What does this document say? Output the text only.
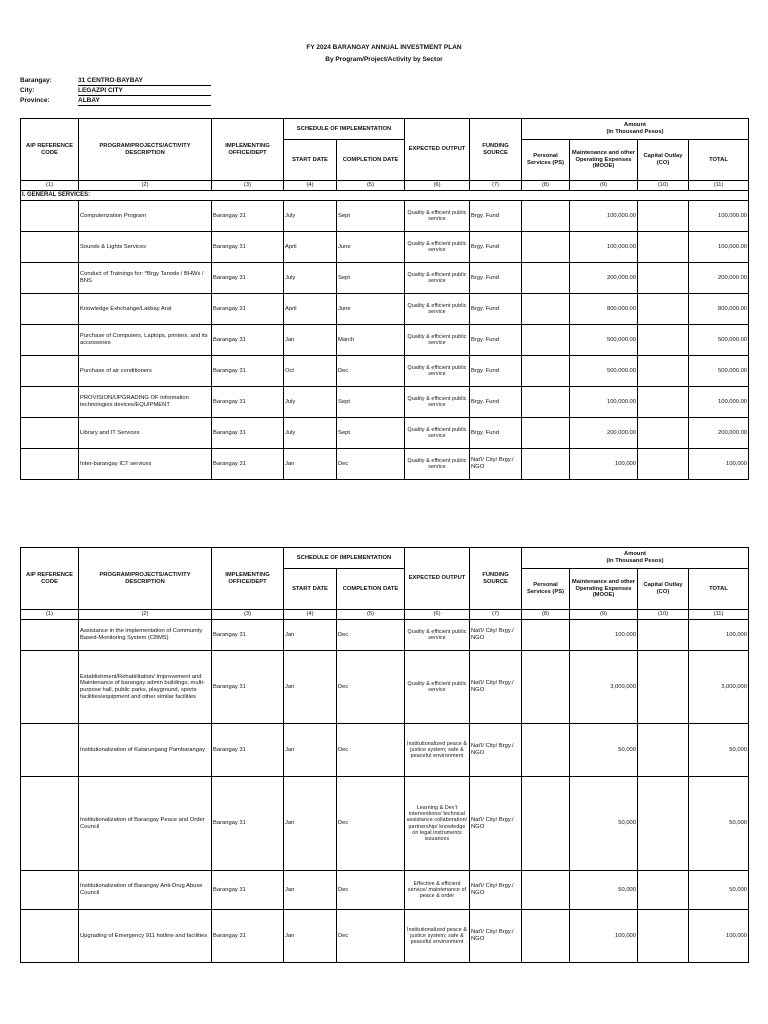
FY 2024 BARANGAY ANNUAL INVESTMENT PLAN
By Program/Project/Activity by Sector
Barangay:	31 CENTRO-BAYBAY
City:	LEGAZPI CITY
Province:	ALBAY
AIP REFERENCE CODE	PROGRAM/PROJECTS/ACTIVITY DESCRIPTION	IMPLEMENTING OFFICE/DEPT	SCHEDULE OF IMPLEMENTATION		EXPECTED OUTPUT	FUNDING SOURCE	Amount
(In Thousand Pesos)			

			START DATE	COMPLETION DATE			Personal Services (PS)	Maintenance and other Operating Expenses (MOOE)	Capital Outlay (CO)	TOTAL
(1)	(2)	(3)	(4)	(5)	(6)	(7)	(8)	(9)	(10)	(11)
I. GENERAL SERVICES:										
	Computerization Program	Barangay 31	July	Sept	Quality & efficient public service	Brgy. Fund		100,000.00		100,000.00
	Sounds & Lights Services	Barangay 31	April	June	Quality & efficient public service	Brgy. Fund		100,000.00		100,000.00
	Conduct of Trainings for: *Brgy Tanods / BHWs / BNS	Barangay 31	July	Sept	Quality & efficient public service	Brgy. Fund		200,000.00		200,000.00
	Knowledge Exhchange/Lakbay Aral	Barangay 31	April	June	Quality & efficient public service	Brgy. Fund		800,000.00		800,000.00
	Purchase of Computers, Laptops, printers, and its accessories	Barangay 31	Jan	March	Quality & efficient public service	Brgy. Fund		500,000.00		500,000.00
	Purchase of air conditioners	Barangay 31	Oct	Dec	Quality & efficient public service	Brgy. Fund		500,000.00		500,000.00
	PROVISION/UPGRADING OF information technologies devices/EQUIPMENT	Barangay 31	July	Sept	Quality & efficient public service	Brgy. Fund		100,000.00		100,000.00
	Library and IT Services	Barangay 31	July	Sept	Quality & efficient public service	Brgy. Fund		200,000.00		200,000.00
	Inter-barangay ICT services	Barangay 31	Jan	Dec	Quality & efficient public service	Nat'l/ City/ Brgy./ NGO		100,000		100,000
AIP REFERENCE CODE	PROGRAM/PROJECTS/ACTIVITY DESCRIPTION	IMPLEMENTING OFFICE/DEPT	SCHEDULE OF IMPLEMENTATION		EXPECTED OUTPUT	FUNDING SOURCE	Amount
(In Thousand Pesos)			

			START DATE	COMPLETION DATE			Personal Services (PS)	Maintenance and other Operating Expenses (MOOE)	Capital Outlay (CO)	TOTAL
(1)	(2)	(3)	(4)	(5)	(6)	(7)	(8)	(9)	(10)	(11)
	Assistance in the implementation of Community Based-Monitoring System (CBMS)	Barangay 31	Jan	Dec	Quality & efficient public service	Nat'l/ City/ Brgy./ NGO		100,000		100,000
	Establishment/Rehabilitation/ Improvement and Maintenance of barangay admin buildings, multi-purpose hall, public parks, playground, sports facilities/equipment and other similar facilities	Barangay 31	Jan	Dec	Quality & efficient public service	Nat'l/ City/ Brgy./ NGO		3,000,000		3,000,000
	Institutionalization of Katarungang Pambarangay	Barangay 31	Jan	Dec	Institutionalized peace & justice system; safe & peaceful environment	Nat'l/ City/ Brgy./ NGO		50,000		50,000
	Institutionalization of Barangay Peace and Order Council	Barangay 31	Jan	Dec	Learning & Dev't interventions/ technical assistance collaboration/ partnership/ knowledge on legal instruments issuances	Nat'l/ City/ Brgy./ NGO		50,000		50,000
	Institutionalization of Barangay Anti-Drug Abuse Council	Barangay 31	Jan	Dec	Effective & efficient service/ maintenance of peace & order	Nat'l/ City/ Brgy./ NGO		50,000		50,000
	Upgrading of Emergency 911 hotline and facilities	Barangay 31	Jan	Dec	Institutionalized peace & justice system; safe & peaceful environment	Nat'l/ City/ Brgy./ NGO		100,000		100,000
